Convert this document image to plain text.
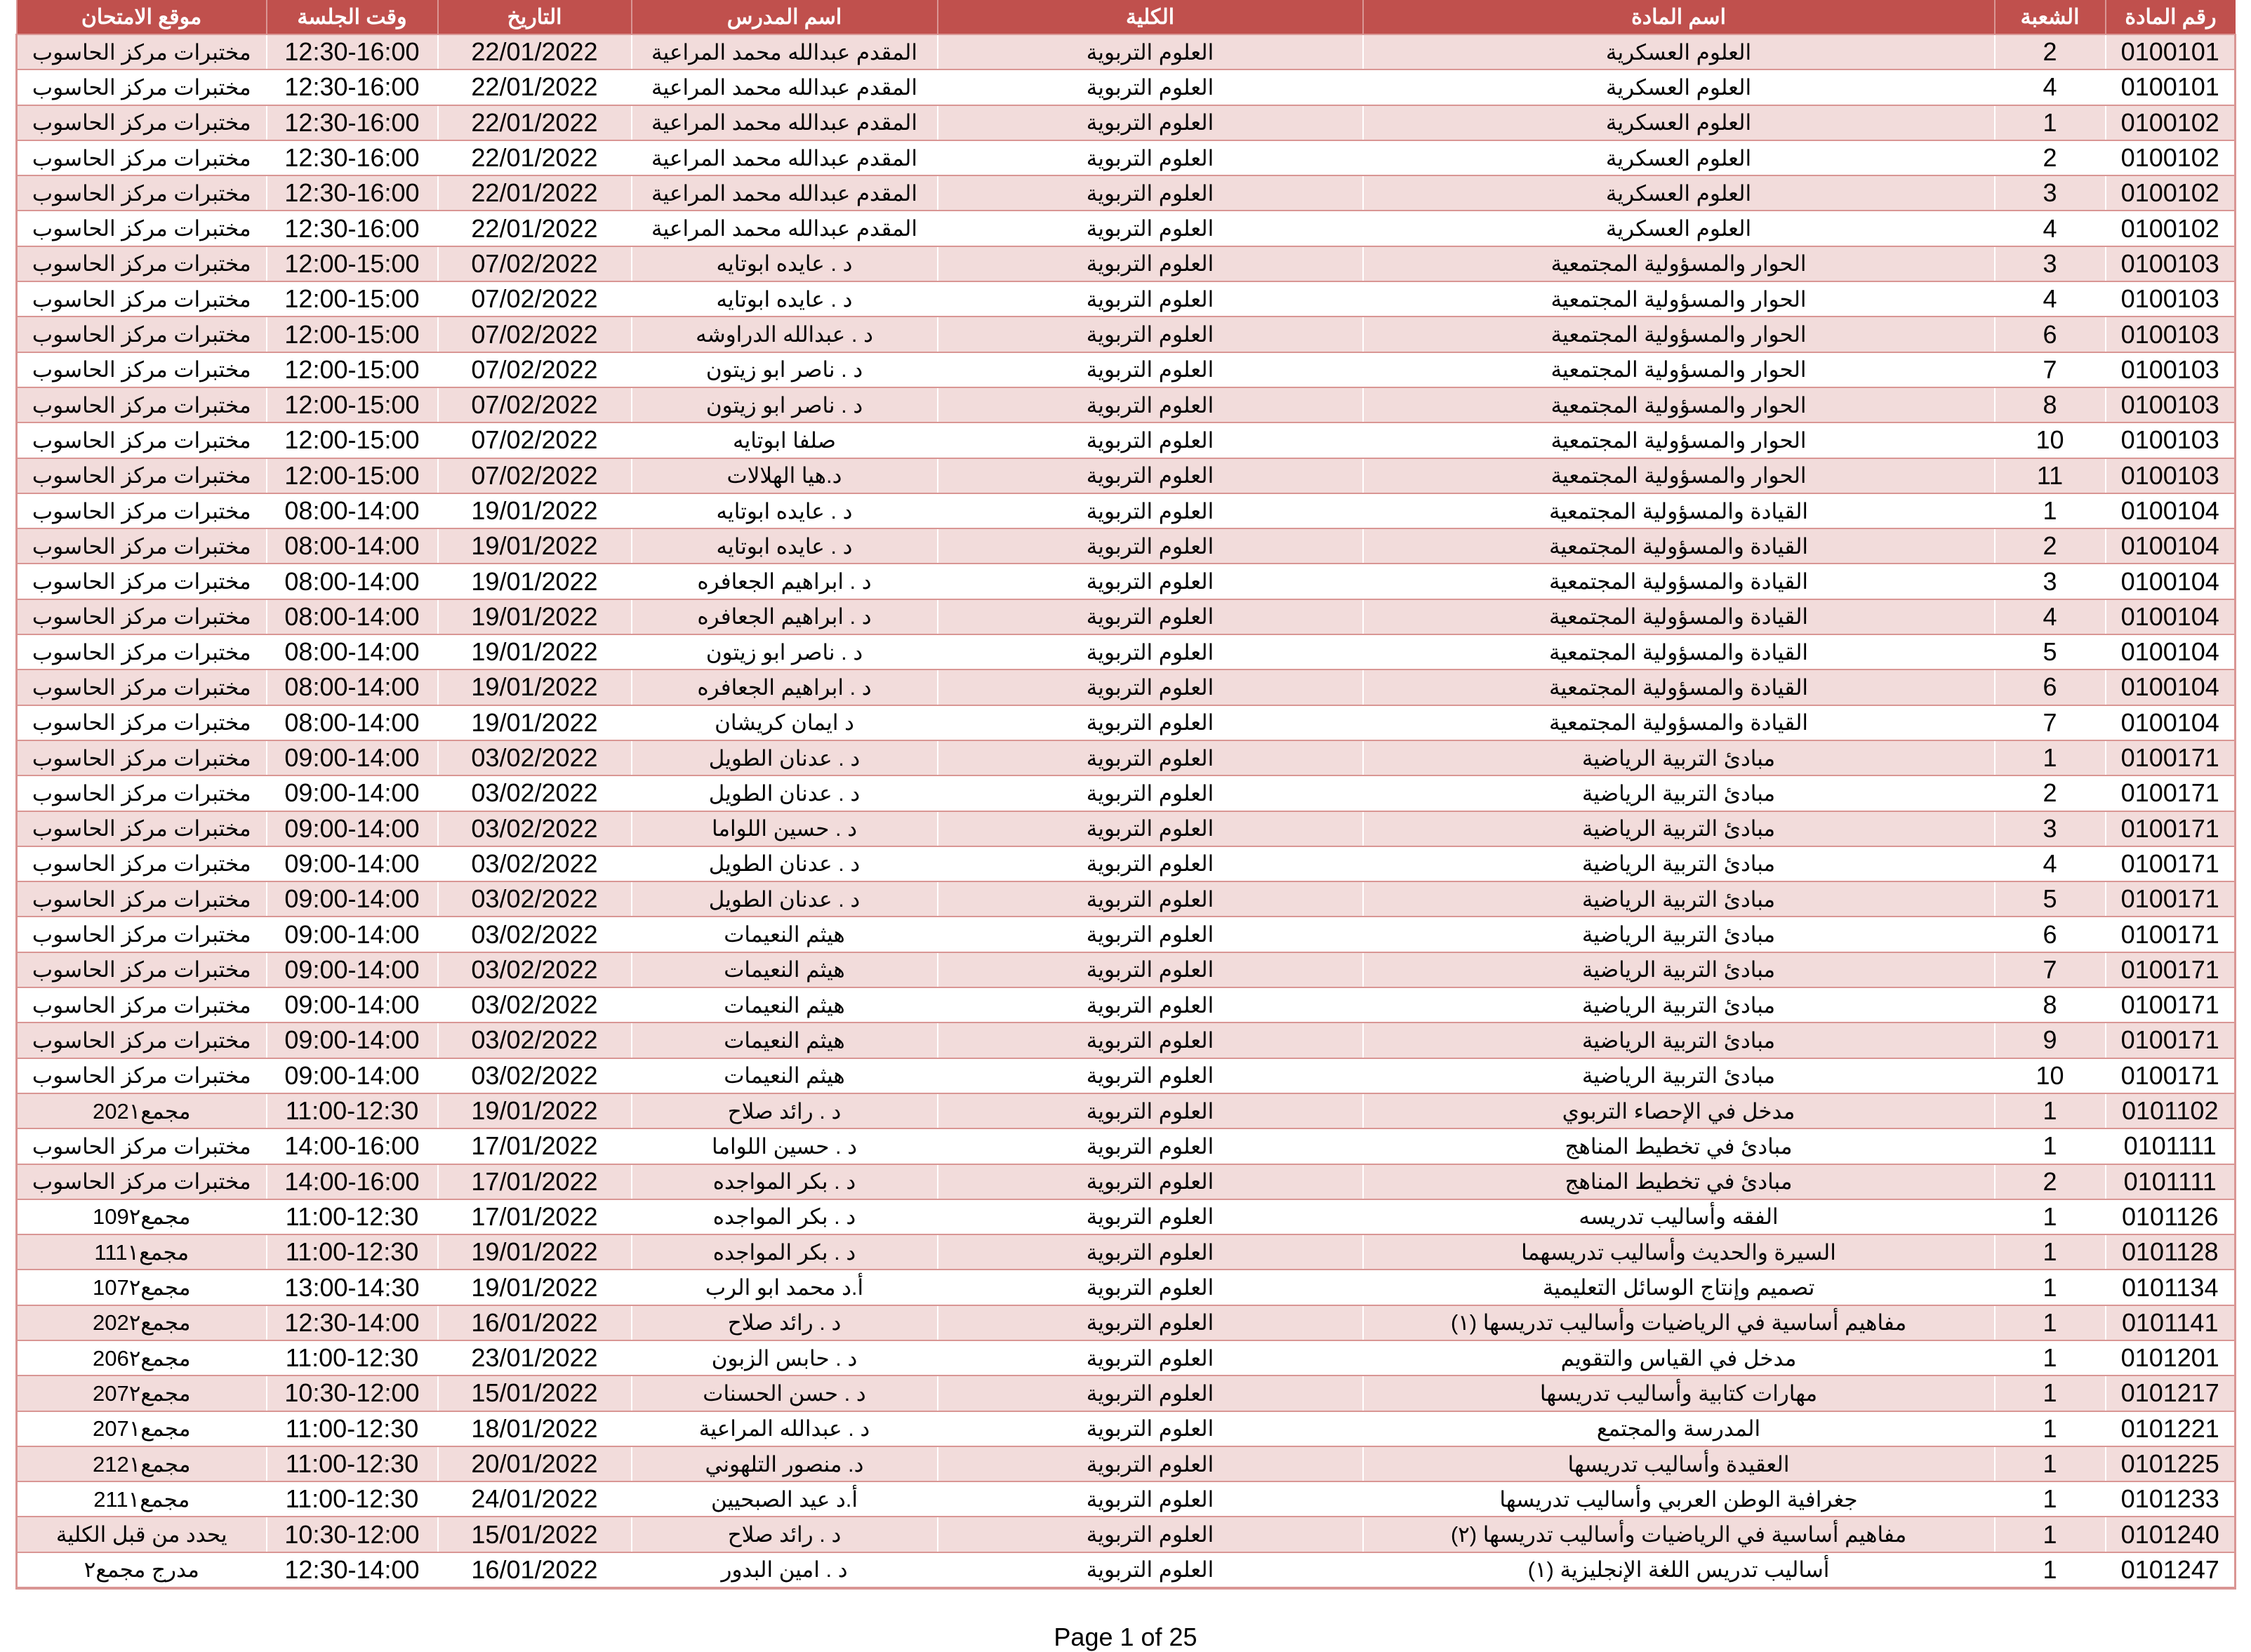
موقع الامتحان	وقت الجلسة	التاريخ	اسم المدرس	الكلية	اسم المادة	الشعبة	رقم المادة
مختبرات مركز الحاسوب	12:30-16:00	22/01/2022	المقدم عبدالله محمد المراعية	العلوم التربوية	العلوم العسكرية	2	0100101
مختبرات مركز الحاسوب	12:30-16:00	22/01/2022	المقدم عبدالله محمد المراعية	العلوم التربوية	العلوم العسكرية	4	0100101
مختبرات مركز الحاسوب	12:30-16:00	22/01/2022	المقدم عبدالله محمد المراعية	العلوم التربوية	العلوم العسكرية	1	0100102
مختبرات مركز الحاسوب	12:30-16:00	22/01/2022	المقدم عبدالله محمد المراعية	العلوم التربوية	العلوم العسكرية	2	0100102
مختبرات مركز الحاسوب	12:30-16:00	22/01/2022	المقدم عبدالله محمد المراعية	العلوم التربوية	العلوم العسكرية	3	0100102
مختبرات مركز الحاسوب	12:30-16:00	22/01/2022	المقدم عبدالله محمد المراعية	العلوم التربوية	العلوم العسكرية	4	0100102
مختبرات مركز الحاسوب	12:00-15:00	07/02/2022	د . عايده ابوتايه	العلوم التربوية	الحوار والمسؤولية المجتمعية	3	0100103
مختبرات مركز الحاسوب	12:00-15:00	07/02/2022	د . عايده ابوتايه	العلوم التربوية	الحوار والمسؤولية المجتمعية	4	0100103
مختبرات مركز الحاسوب	12:00-15:00	07/02/2022	د . عبدالله الدراوشه	العلوم التربوية	الحوار والمسؤولية المجتمعية	6	0100103
مختبرات مركز الحاسوب	12:00-15:00	07/02/2022	د . ناصر ابو زيتون	العلوم التربوية	الحوار والمسؤولية المجتمعية	7	0100103
مختبرات مركز الحاسوب	12:00-15:00	07/02/2022	د . ناصر ابو زيتون	العلوم التربوية	الحوار والمسؤولية المجتمعية	8	0100103
مختبرات مركز الحاسوب	12:00-15:00	07/02/2022	صلفا ابوتايه	العلوم التربوية	الحوار والمسؤولية المجتمعية	10	0100103
مختبرات مركز الحاسوب	12:00-15:00	07/02/2022	د.هيا الهلالات	العلوم التربوية	الحوار والمسؤولية المجتمعية	11	0100103
مختبرات مركز الحاسوب	08:00-14:00	19/01/2022	د . عايده ابوتايه	العلوم التربوية	القيادة والمسؤولية المجتمعية	1	0100104
مختبرات مركز الحاسوب	08:00-14:00	19/01/2022	د . عايده ابوتايه	العلوم التربوية	القيادة والمسؤولية المجتمعية	2	0100104
مختبرات مركز الحاسوب	08:00-14:00	19/01/2022	د . ابراهيم الجعافره	العلوم التربوية	القيادة والمسؤولية المجتمعية	3	0100104
مختبرات مركز الحاسوب	08:00-14:00	19/01/2022	د . ابراهيم الجعافره	العلوم التربوية	القيادة والمسؤولية المجتمعية	4	0100104
مختبرات مركز الحاسوب	08:00-14:00	19/01/2022	د . ناصر ابو زيتون	العلوم التربوية	القيادة والمسؤولية المجتمعية	5	0100104
مختبرات مركز الحاسوب	08:00-14:00	19/01/2022	د . ابراهيم الجعافره	العلوم التربوية	القيادة والمسؤولية المجتمعية	6	0100104
مختبرات مركز الحاسوب	08:00-14:00	19/01/2022	د ايمان كريشان	العلوم التربوية	القيادة والمسؤولية المجتمعية	7	0100104
مختبرات مركز الحاسوب	09:00-14:00	03/02/2022	د . عدنان الطويل	العلوم التربوية	مبادئ التربية الرياضية	1	0100171
مختبرات مركز الحاسوب	09:00-14:00	03/02/2022	د . عدنان الطويل	العلوم التربوية	مبادئ التربية الرياضية	2	0100171
مختبرات مركز الحاسوب	09:00-14:00	03/02/2022	د . حسين اللواما	العلوم التربوية	مبادئ التربية الرياضية	3	0100171
مختبرات مركز الحاسوب	09:00-14:00	03/02/2022	د . عدنان الطويل	العلوم التربوية	مبادئ التربية الرياضية	4	0100171
مختبرات مركز الحاسوب	09:00-14:00	03/02/2022	د . عدنان الطويل	العلوم التربوية	مبادئ التربية الرياضية	5	0100171
مختبرات مركز الحاسوب	09:00-14:00	03/02/2022	هيثم النعيمات	العلوم التربوية	مبادئ التربية الرياضية	6	0100171
مختبرات مركز الحاسوب	09:00-14:00	03/02/2022	هيثم النعيمات	العلوم التربوية	مبادئ التربية الرياضية	7	0100171
مختبرات مركز الحاسوب	09:00-14:00	03/02/2022	هيثم النعيمات	العلوم التربوية	مبادئ التربية الرياضية	8	0100171
مختبرات مركز الحاسوب	09:00-14:00	03/02/2022	هيثم النعيمات	العلوم التربوية	مبادئ التربية الرياضية	9	0100171
مختبرات مركز الحاسوب	09:00-14:00	03/02/2022	هيثم النعيمات	العلوم التربوية	مبادئ التربية الرياضية	10	0100171
202مجمع١	11:00-12:30	19/01/2022	د . رائد صلاح	العلوم التربوية	مدخل في الإحصاء التربوي	1	0101102
مختبرات مركز الحاسوب	14:00-16:00	17/01/2022	د . حسين اللواما	العلوم التربوية	مبادئ في تخطيط المناهج	1	0101111
مختبرات مركز الحاسوب	14:00-16:00	17/01/2022	د . بكر المواجده	العلوم التربوية	مبادئ في تخطيط المناهج	2	0101111
109مجمع٢	11:00-12:30	17/01/2022	د . بكر المواجده	العلوم التربوية	الفقه وأساليب تدريسه	1	0101126
111مجمع١	11:00-12:30	19/01/2022	د . بكر المواجده	العلوم التربوية	السيرة والحديث وأساليب تدريسهما	1	0101128
107مجمع٢	13:00-14:30	19/01/2022	أ.د محمد ابو الرب	العلوم التربوية	تصميم وإنتاج الوسائل التعليمية	1	0101134
202مجمع٢	12:30-14:00	16/01/2022	د . رائد صلاح	العلوم التربوية	مفاهيم أساسية في الرياضيات وأساليب تدريسها (١)	1	0101141
206مجمع٢	11:00-12:30	23/01/2022	د . حابس الزبون	العلوم التربوية	مدخل في القياس والتقويم	1	0101201
207مجمع٢	10:30-12:00	15/01/2022	د . حسن الحسنات	العلوم التربوية	مهارات كتابية وأساليب تدريسها	1	0101217
207مجمع١	11:00-12:30	18/01/2022	د . عبدالله المراعية	العلوم التربوية	المدرسة والمجتمع	1	0101221
212مجمع١	11:00-12:30	20/01/2022	د. منصور التلهوني	العلوم التربوية	العقيدة وأساليب تدريسها	1	0101225
211مجمع١	11:00-12:30	24/01/2022	أ.د عيد الصبحيين	العلوم التربوية	جغرافية الوطن العربي وأساليب تدريسها	1	0101233
يحدد من قبل الكلية	10:30-12:00	15/01/2022	د . رائد صلاح	العلوم التربوية	مفاهيم أساسية في الرياضيات وأساليب تدريسها (٢)	1	0101240
مدرج مجمع٢	12:30-14:00	16/01/2022	د . امين البدور	العلوم التربوية	أساليب تدريس اللغة الإنجليزية (١)	1	0101247
Page 1 of 25
